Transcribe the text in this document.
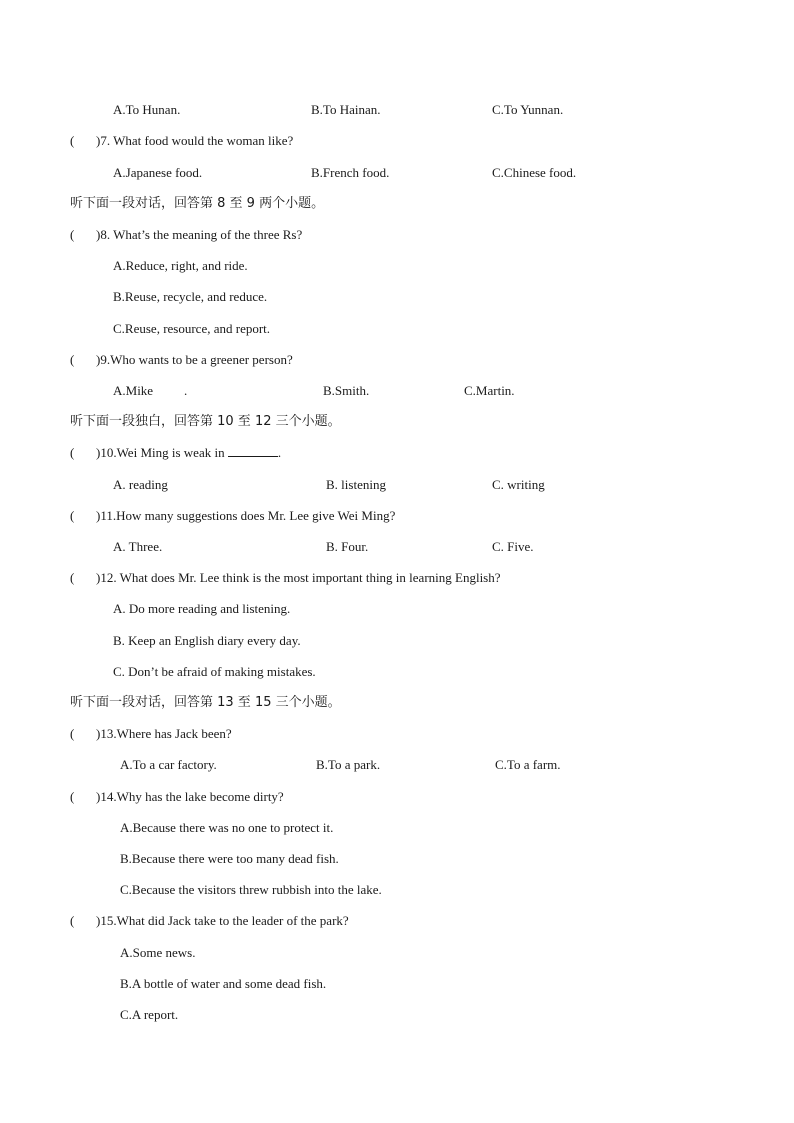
A.To Hunan.	B.To Hainan.	C.To Yunnan.
( )7. What food would the woman like?
A.Japanese food.	B.French food.	C.Chinese food.
听下面一段对话，回答第 8 至 9 两个小题。
( )8. What’s the meaning of the three Rs?
A.Reduce, right, and ride.
B.Reuse, recycle, and reduce.
C.Reuse, resource, and report.
( )9.Who wants to be a greener person?
A.Mike .	B.Smith.	C.Martin.
听下面一段独白，回答第 10 至 12 三个小题。
( )10.Wei Ming is weak in	.
A. reading	B. listening	C. writing
( )11.How many suggestions does Mr. Lee give Wei Ming?
A. Three.	B. Four.	C. Five.
( )12. What does Mr. Lee think is the most important thing in learning English?
A. Do more reading and listening.
B. Keep an English diary every day.
C. Don’t be afraid of making mistakes.
听下面一段对话，回答第 13 至 15 三个小题。
( )13.Where has Jack been?
A.To a car factory.	B.To a park.	C.To a farm.
( )14.Why has the lake become dirty?
A.Because there was no one to protect it.
B.Because there were too many dead fish.
C.Because the visitors threw rubbish into the lake.
( )15.What did Jack take to the leader of the park?
A.Some news.
B.A bottle of water and some dead fish.
C.A report.
